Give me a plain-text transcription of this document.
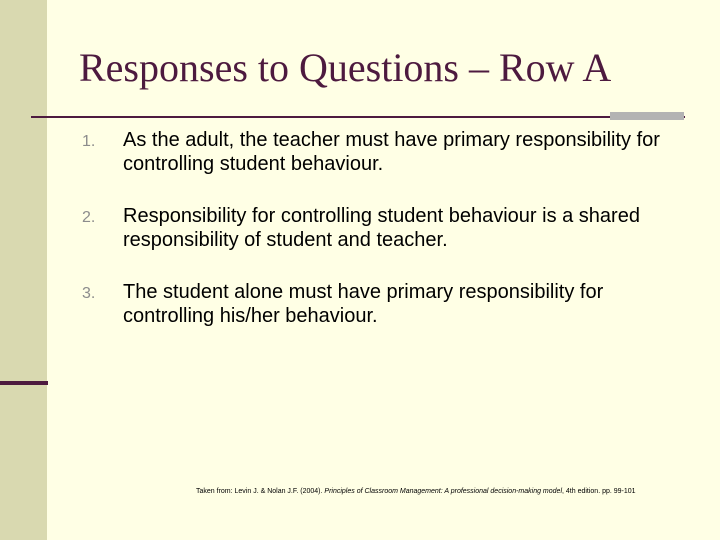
Responses to Questions – Row A
1. As the adult, the teacher must have primary responsibility for controlling student behaviour.
2. Responsibility for controlling student behaviour is a shared responsibility of student and teacher.
3. The student alone must have primary responsibility for controlling his/her behaviour.
Taken from: Levin J. & Nolan J.F. (2004). Principles of Classroom Management: A professional decision-making model, 4th edition. pp. 99-101
